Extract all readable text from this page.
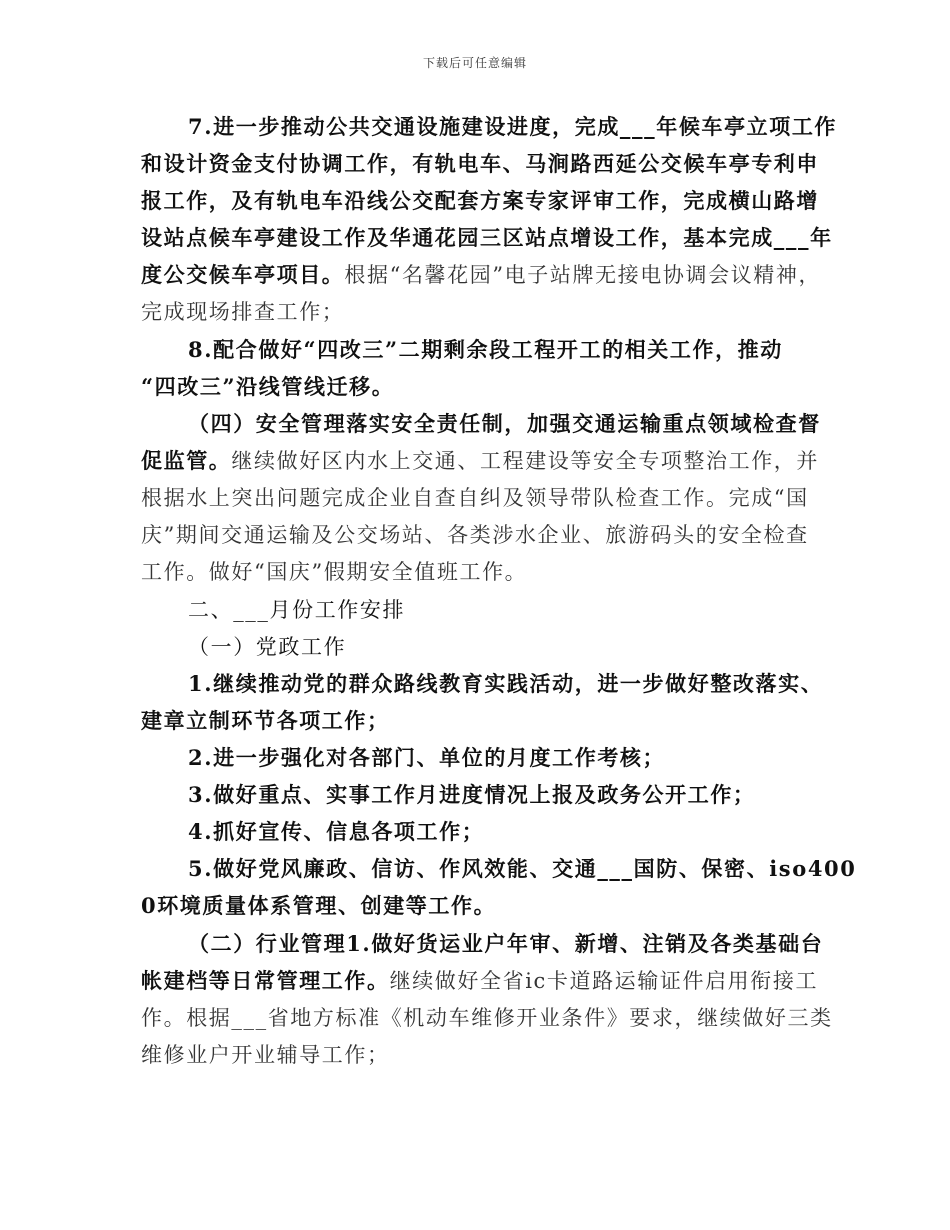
下载后可任意编辑
7.进一步推动公共交通设施建设进度，完成___年候车亭立项工作
和设计资金支付协调工作，有轨电车、马涧路西延公交候车亭专利申
报工作，及有轨电车沿线公交配套方案专家评审工作，完成横山路增
设站点候车亭建设工作及华通花园三区站点增设工作，基本完成___年
度公交候车亭项目。根据“名馨花园”电子站牌无接电协调会议精神，
完成现场排查工作；
8.配合做好“四改三”二期剩余段工程开工的相关工作，推动
“四改三”沿线管线迁移。
（四）安全管理落实安全责任制，加强交通运输重点领域检查督
促监管。继续做好区内水上交通、工程建设等安全专项整治工作，并
根据水上突出问题完成企业自查自纠及领导带队检查工作。完成“国
庆”期间交通运输及公交场站、各类涉水企业、旅游码头的安全检查
工作。做好“国庆”假期安全值班工作。
二、___月份工作安排
（一）党政工作
1.继续推动党的群众路线教育实践活动，进一步做好整改落实、
建章立制环节各项工作；
2.进一步强化对各部门、单位的月度工作考核；
3.做好重点、实事工作月进度情况上报及政务公开工作；
4.抓好宣传、信息各项工作；
5.做好党风廉政、信访、作风效能、交通___国防、保密、iso400
0环境质量体系管理、创建等工作。
（二）行业管理1.做好货运业户年审、新增、注销及各类基础台
帐建档等日常管理工作。继续做好全省ic卡道路运输证件启用衔接工
作。根据___省地方标准《机动车维修开业条件》要求，继续做好三类
维修业户开业辅导工作；
